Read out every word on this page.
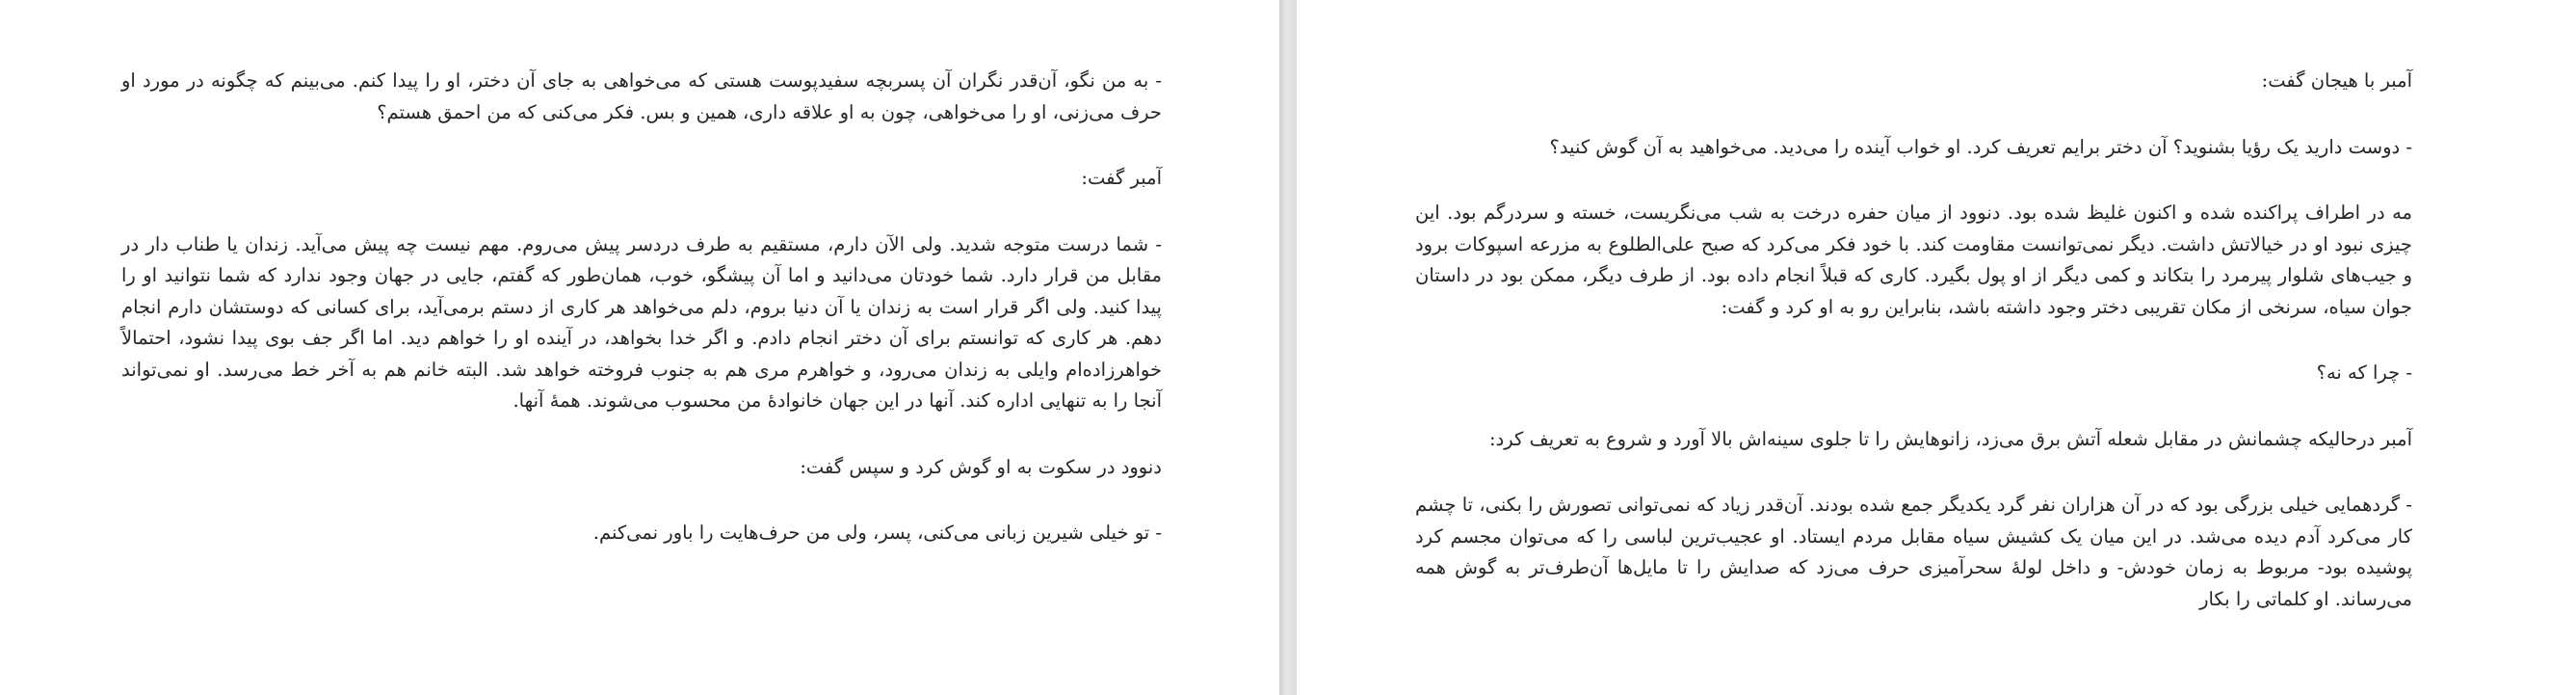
- به من نگو، آن‌قدر نگران آن پسربچه سفیدپوست هستی که می‌خواهی به جای آن دختر، او را پیدا کنم. می‌بینم که چگونه در مورد او حرف می‌زنی، او را می‌خواهی، چون به او علاقه داری، همین و بس. فکر می‌کنی که من احمق هستم؟

آمبر گفت:

- شما درست متوجه شدید. ولی الآن دارم، مستقیم به طرف دردسر پیش می‌روم. مهم نیست چه پیش می‌آید. زندان یا طناب دار در مقابل من قرار دارد. شما خودتان می‌دانید و اما آن پیشگو، خوب، همان‌طور که گفتم، جایی در جهان وجود ندارد که شما نتوانید او را پیدا کنید. ولی اگر قرار است به زندان یا آن دنیا بروم، دلم می‌خواهد هر کاری از دستم برمی‌آید، برای کسانی که دوستشان دارم انجام دهم. هر کاری که توانستم برای آن دختر انجام دادم. و اگر خدا بخواهد، در آینده او را خواهم دید. اما اگر جف بوی پیدا نشود، احتمالاً خواهرزاده‌ام وایلی به زندان می‌رود، و خواهرم مری هم به جنوب فروخته خواهد شد. البته خانم هم به آخر خط می‌رسد. او نمی‌تواند آنجا را به تنهایی اداره کند. آنها در این جهان خانوادهٔ من محسوب می‌شوند. همهٔ آنها.

دنوود در سکوت به او گوش کرد و سپس گفت:

- تو خیلی شیرین زبانی می‌کنی، پسر، ولی من حرف‌هایت را باور نمی‌کنم.

آمبر با هیجان گفت:

- دوست دارید یک رؤیا بشنوید؟ آن دختر برایم تعریف کرد. او خواب آینده را می‌دید. می‌خواهید به آن گوش کنید؟

مه در اطراف پراکنده شده و اکنون غلیظ شده بود. دنوود از میان حفره درخت به شب می‌نگریست، خسته و سردرگم بود. این چیزی نبود او در خیالاتش داشت. دیگر نمی‌توانست مقاومت کند. با خود فکر می‌کرد که صبح علی‌الطلوع به مزرعه اسپوکات برود و جیب‌های شلوار پیرمرد را بتکاند و کمی دیگر از او پول بگیرد. کاری که قبلاً انجام داده بود. از طرف دیگر، ممکن بود در داستان جوان سیاه، سرنخی از مکان تقریبی دختر وجود داشته باشد، بنابراین رو به او کرد و گفت:

- چرا که نه؟

آمبر درحالیکه چشمانش در مقابل شعله آتش برق می‌زد، زانوهایش را تا جلوی سینه‌اش بالا آورد و شروع به تعریف کرد:

- گردهمایی خیلی بزرگی بود که در آن هزاران نفر گرد یکدیگر جمع شده بودند. آن‌قدر زیاد که نمی‌توانی تصورش را بکنی، تا چشم کار می‌کرد آدم دیده می‌شد. در این میان یک کشیش سیاه مقابل مردم ایستاد. او عجیب‌ترین لباسی را که می‌توان مجسم کرد پوشیده بود- مربوط به زمان خودش- و داخل لولهٔ سحرآمیزی حرف می‌زد که صدایش را تا مایل‌ها آن‌طرف‌تر به گوش همه می‌رساند. او کلماتی را بکار
